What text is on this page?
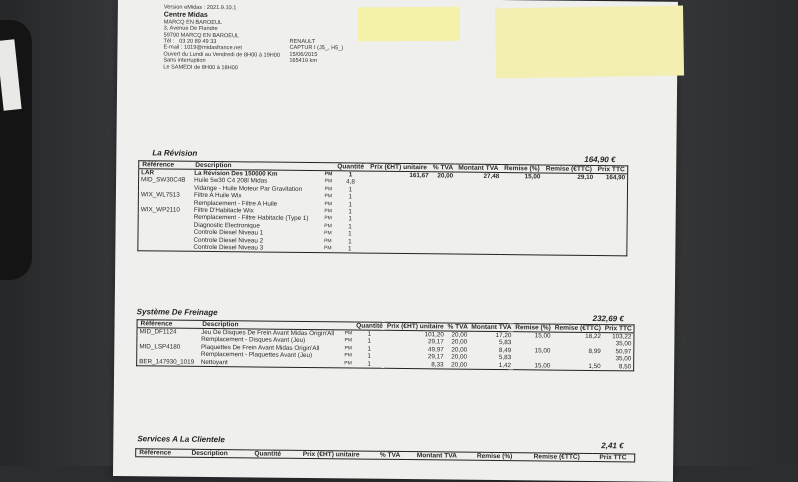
Version eMidas : 2021.9.10.1
Centre Midas
MARCQ EN BAROEUL
3, Avenue De Flandre
59700 MARCQ EN BAROEUL
Tél : 03 20 89 49 33
E-mail : 1019@midasfrance.net
Ouvert du Lundi au Vendredi de 8H00 à 19H00
Sans interruption
Le SAMEDI de 8H00 à 18H00
RENAULT
CAPTUR I (J5_, H5_)
15/06/2015
165419 km
La Révision
164,90 €
Référence	Description		Quantité	Prix (€HT) unitaire	% TVA	Montant TVA	Remise (%)	Remise (€TTC)	Prix TTC
LAR	La Révision Des 150000 Km	PM	1	161,67	20,00	27,48	15,00	29,10	164,90
MID_SW30C4B	Huile 5w30 C4 208l Midas	PM	4,8						
	Vidange - Huile Moteur Par Gravitation	PM	1						
WIX_WL7513	Filtre A Huile Wix	PM	1						
	Remplacement - Filtre A Huile	PM	1						
WIX_WP2110	Filtre D'Habitacle Wix	PM	1						
	Remplacement - Filtre Habitacle (Type 1)	PM	1						
	Diagnostic Electronique	PM	1						
	Controle Diesel Niveau 1	PM	1						
	Controle Diesel Niveau 2	PM	1						
	Controle Diesel Niveau 3	PM	1						
Système De Freinage
232,69 €
Référence	Description		Quantité	Prix (€HT) unitaire	% TVA	Montant TVA	Remise (%)	Remise (€TTC)	Prix TTC
MID_DF1124	Jeu De Disques De Frein Avant Midas Origin'All	PM	1	101,20	20,00	17,20	15,00	18,22	103,22
	Remplacement - Disques Avant (Jeu)	PM	1	29,17	20,00	5,83			35,00
MID_LSP4180	Plaquettes De Frein Avant Midas Origin'All	PM	1	49,97	20,00	8,49	15,00	8,99	50,97
	Remplacement - Plaquettes Avant (Jeu)	PM	1	29,17	20,00	5,83			35,00
BER_147930_1019	Nettoyant	PM	1	8,33	20,00	1,42	15,00	1,50	8,50
Services A La Clientele
2,41 €
Référence	Description	Quantité	Prix (€HT) unitaire	% TVA	Montant TVA	Remise (%)	Remise (€TTC)	Prix TTC
